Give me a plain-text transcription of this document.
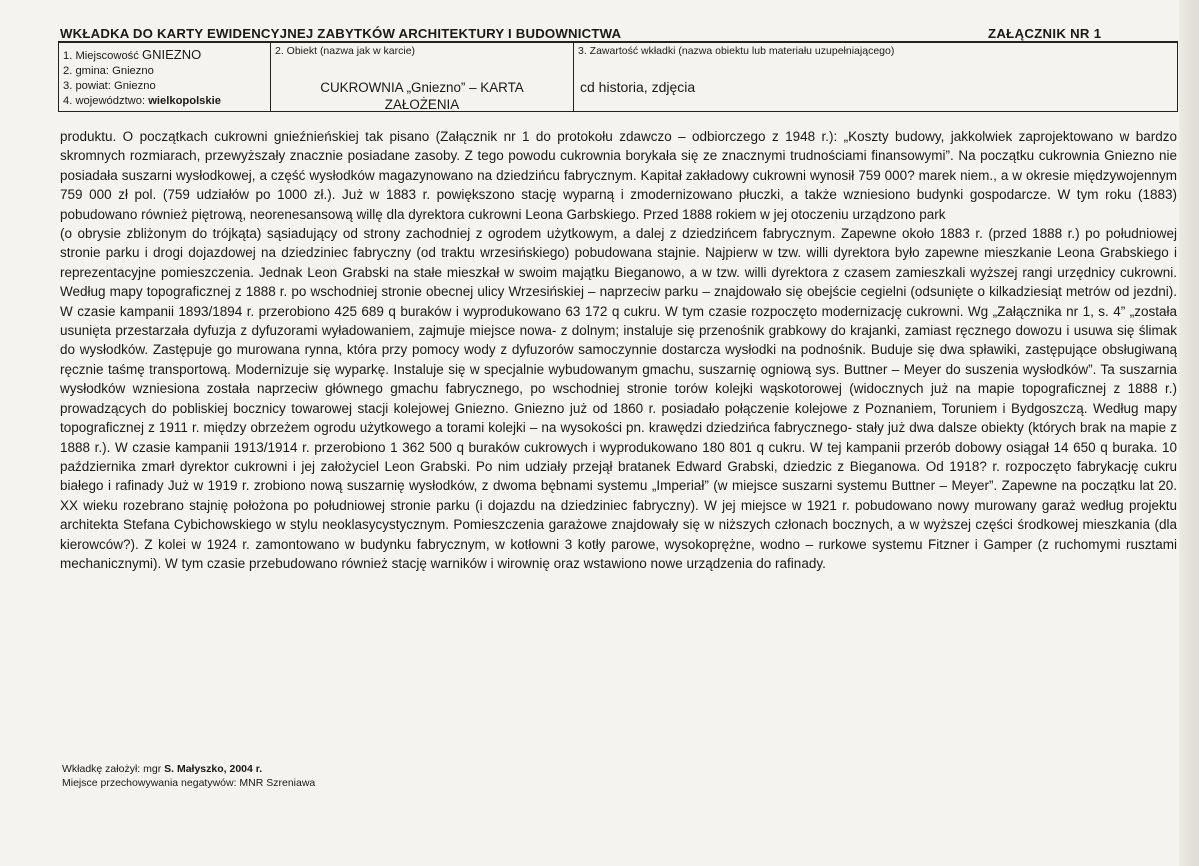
WKŁADKA DO KARTY EWIDENCYJNEJ ZABYTKÓW ARCHITEKTURY I BUDOWNICTWA	ZAŁĄCZNIK NR 1
1. Miejscowość GNIEZNO
2. gmina: Gniezno
3. powiat: Gniezno
4. województwo: wielkopolskie

2. Obiekt (nazwa jak w karcie)
CUKROWNIA „Gniezno” – KARTA
ZAŁOŻENIA

3. Zawartość wkładki (nazwa obiektu lub materiału uzupełniającego)
cd historia, zdjęcia
produktu. O początkach cukrowni gnieźnieńskiej tak pisano (Załącznik nr 1 do protokołu zdawczo – odbiorczego z 1948 r.): „Koszty budowy, jakkolwiek zaprojektowano w bardzo skromnych rozmiarach, przewyższały znacznie posiadane zasoby. Z tego powodu cukrownia borykała się ze znacznymi trudnościami finansowymi”. Na początku cukrownia Gniezno nie posiadała suszarni wysłodkowej, a część wysłodków magazynowano na dziedzińcu fabrycznym. Kapitał zakładowy cukrowni wynosił 759 000? marek niem., a w okresie międzywojennym 759 000 zł pol. (759 udziałów po 1000 zł.). Już w 1883 r. powiększono stację wyparną i zmodernizowano płuczki, a także wzniesiono budynki gospodarcze. W tym roku (1883) pobudowano również piętrową, neorenesansową willę dla dyrektora cukrowni Leona Garbskiego. Przed 1888 rokiem w jej otoczeniu urządzono park
(o obrysie zbliżonym do trójkąta) sąsiadujący od strony zachodniej z ogrodem użytkowym, a dalej z dziedzińcem fabrycznym. Zapewne około 1883 r. (przed 1888 r.) po południowej stronie parku i drogi dojazdowej na dziedziniec fabryczny (od traktu wrzesińskiego) pobudowana stajnie. Najpierw w tzw. willi dyrektora było zapewne mieszkanie Leona Grabskiego i reprezentacyjne pomieszczenia. Jednak Leon Grabski na stałe mieszkał w swoim majątku Bieganowo, a w tzw. willi dyrektora z czasem zamieszkali wyższej rangi urzędnicy cukrowni. Według mapy topograficznej z 1888 r. po wschodniej stronie obecnej ulicy Wrzesińskiej – naprzeciw parku – znajdowało się obejście cegielni (odsunięte o kilkadziesiąt metrów od jezdni). W czasie kampanii 1893/1894 r. przerobiono 425 689 q buraków i wyprodukowano 63 172 q cukru. W tym czasie rozpoczęto modernizację cukrowni. Wg „Załącznika nr 1, s. 4” „została usunięta przestarzała dyfuzja z dyfuzorami wyładowaniem, zajmuje miejsce nowa- z dolnym; instaluje się przenośnik grabkowy do krajanki, zamiast ręcznego dowozu i usuwa się ślimak do wysłodków. Zastępuje go murowana rynna, która przy pomocy wody z dyfuzorów samoczynnie dostarcza wysłodki na podnośnik. Buduje się dwa spławiki, zastępujące obsługiwaną ręcznie taśmę transportową. Modernizuje się wyparkę. Instaluje się w specjalnie wybudowanym gmachu, suszarnię ogniową sys. Buttner – Meyer do suszenia wysłodków”. Ta suszarnia wysłodków wzniesiona została naprzeciw głównego gmachu fabrycznego, po wschodniej stronie torów kolejki wąskotorowej (widocznych już na mapie topograficznej z 1888 r.) prowadzących do pobliskiej bocznicy towarowej stacji kolejowej Gniezno. Gniezno już od 1860 r. posiadało połączenie kolejowe z Poznaniem, Toruniem i Bydgoszczą. Według mapy topograficznej z 1911 r. między obrzeżem ogrodu użytkowego a torami kolejki – na wysokości pn. krawędzi dziedzińca fabrycznego- stały już dwa dalsze obiekty (których brak na mapie z 1888 r.). W czasie kampanii 1913/1914 r. przerobiono 1 362 500 q buraków cukrowych i wyprodukowano 180 801 q cukru. W tej kampanii przerób dobowy osiągał 14 650 q buraka. 10 października zmarł dyrektor cukrowni i jej założyciel Leon Grabski. Po nim udziały przejął bratanek Edward Grabski, dziedzic z Bieganowa. Od 1918? r. rozpoczęto fabrykację cukru białego i rafinady Już w 1919 r. zrobiono nową suszarnię wysłodków, z dwoma bębnami systemu „Imperiał” (w miejsce suszarni systemu Buttner – Meyer”. Zapewne na początku lat 20. XX wieku rozebrano stajnię położona po południowej stronie parku (i dojazdu na dziedziniec fabryczny). W jej miejsce w 1921 r. pobudowano nowy murowany garaż według projektu architekta Stefana Cybichowskiego w stylu neoklasycystycznym. Pomieszczenia garażowe znajdowały się w niższych członach bocznych, a w wyższej części środkowej mieszkania (dla kierowców?). Z kolei w 1924 r. zamontowano w budynku fabrycznym, w kotłowni 3 kotły parowe, wysokoprężne, wodno – rurkowe systemu Fitzner i Gamper (z ruchomymi rusztami mechanicznymi). W tym czasie przebudowano również stację warników i wirownię oraz wstawiono nowe urządzenia do rafinady.
Wkładkę założył: mgr S. Małyszko, 2004 r.
Miejsce przechowywania negatywów: MNR Szreniawa
